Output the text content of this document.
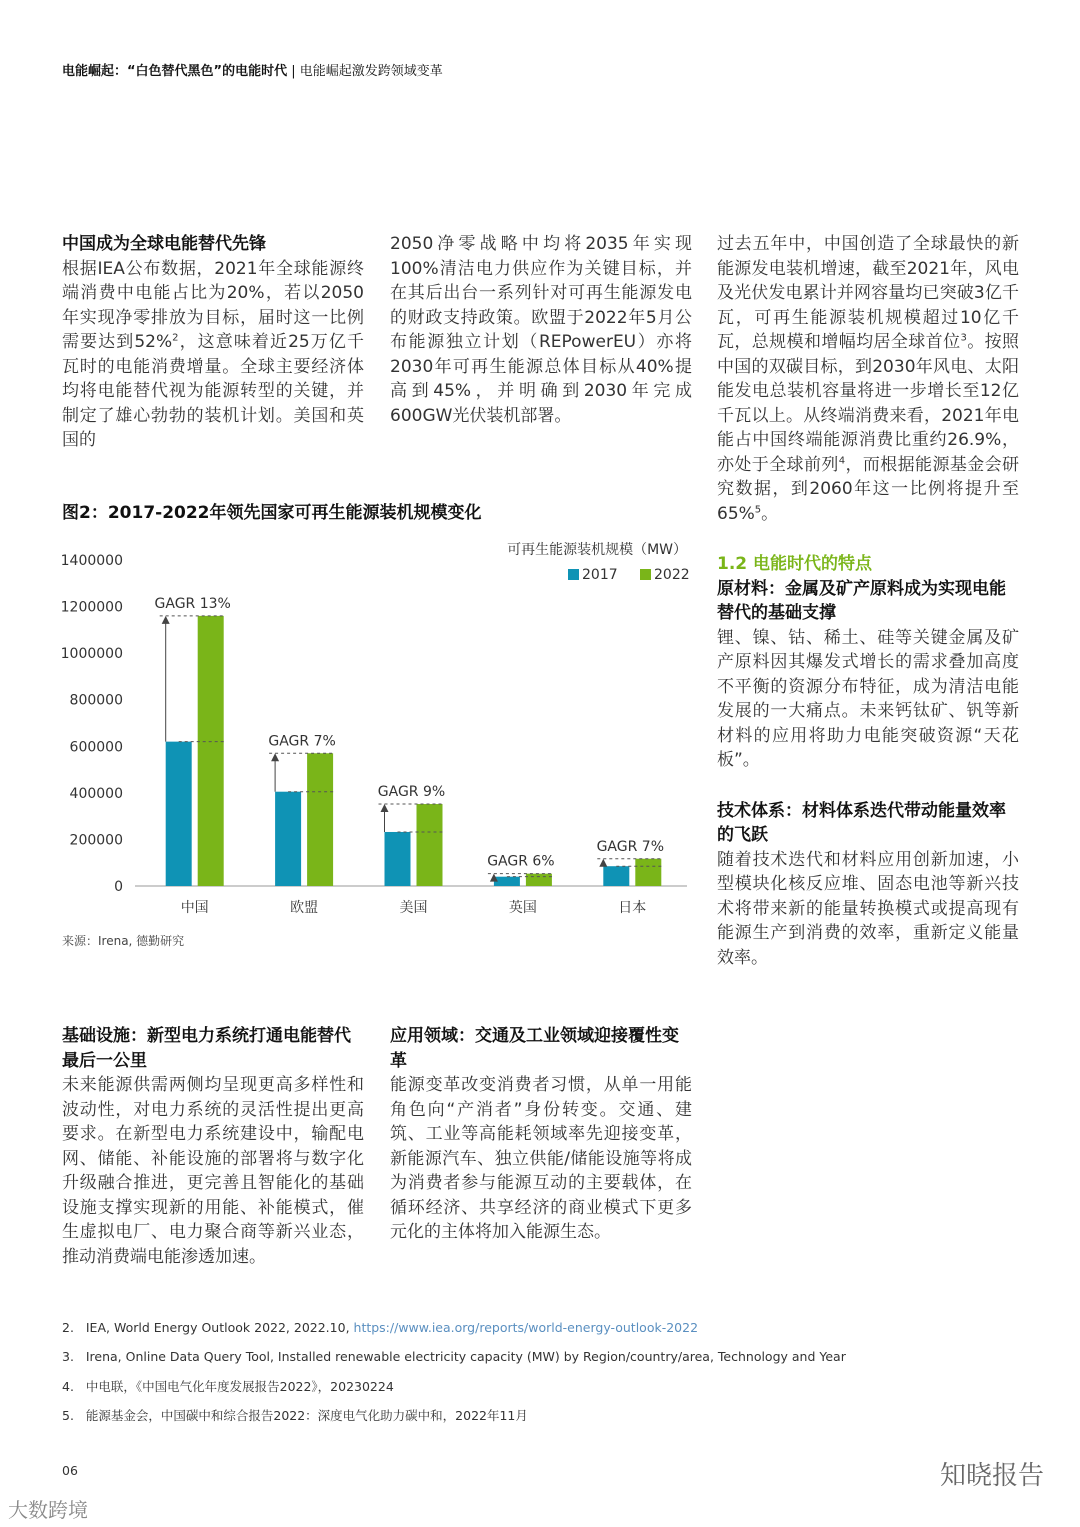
电能崛起：“白色替代黑色”的电能时代 | 电能崛起激发跨领域变革
中国成为全球电能替代先锋

根据IEA公布数据，2021年全球能源终端消费中电能占比为20%，若以2050年实现净零排放为目标，届时这一比例需要达到52%$^2$，这意味着近25万亿千瓦时的电能消费增量。全球主要经济体均将电能替代视为能源转型的关键，并制定了雄心勃勃的装机计划。美国和英国的

2050净零战略中均将2035年实现100%清洁电力供应作为关键目标，并在其后出台一系列针对可再生能源发电的财政支持政策。欧盟于2022年5月公布能源独立计划（REPowerEU）亦将2030年可再生能源总体目标从40%提高到45%，并明确到2030年完成600GW光伏装机部署。

过去五年中，中国创造了全球最快的新能源发电装机增速，截至2021年，风电及光伏发电累计并网容量均已突破3亿千瓦，可再生能源装机规模超过10亿千瓦，总规模和增幅均居全球首位$^3$。按照中国的双碳目标，到2030年风电、太阳能发电总装机容量将进一步增长至12亿千瓦以上。从终端消费来看，2021年电能占中国终端能源消费比重约26.9%，亦处于全球前列$^4$，而根据能源基金会研究数据，到2060年这一比例将提升至65%$^5$。

1.2 电能时代的特点

原材料：金属及矿产原料成为实现电能替代的基础支撑

锂、镍、钴、稀土、硅等关键金属及矿产原料因其爆发式增长的需求叠加高度不平衡的资源分布特征，成为清洁电能发展的一大痛点。未来钙钛矿、钒等新材料的应用将助力电能突破资源“天花板”。

技术体系：材料体系迭代带动能量效率的飞跃

随着技术迭代和材料应用创新加速，小型模块化核反应堆、固态电池等新兴技术将带来新的能量转换模式或提高现有能源生产到消费的效率，重新定义能量效率。

图2：2017-2022年领先国家可再生能源装机规模变化
0
200000
400000
600000
800000
1000000
1200000
1400000
可再生能源装机规模（MW）
2017	2022
GAGR 13%
中国
GAGR 7%
欧盟
GAGR 9%
美国
GAGR 6%
英国
GAGR 7%
日本
来源：Irena, 德勤研究
基础设施：新型电力系统打通电能替代最后一公里

未来能源供需两侧均呈现更高多样性和波动性，对电力系统的灵活性提出更高要求。在新型电力系统建设中，输配电网、储能、补能设施的部署将与数字化升级融合推进，更完善且智能化的基础设施支撑实现新的用能、补能模式，催生虚拟电厂、电力聚合商等新兴业态，推动消费端电能渗透加速。

应用领域：交通及工业领域迎接覆性变革

能源变革改变消费者习惯，从单一用能角色向“产消者”身份转变。交通、建筑、工业等高能耗领域率先迎接变革，新能源汽车、独立供能/储能设施等将成为消费者参与能源互动的主要载体，在循环经济、共享经济的商业模式下更多元化的主体将加入能源生态。

2. IEA, World Energy Outlook 2022, 2022.10, https://www.iea.org/reports/world-energy-outlook-2022
3. Irena, Online Data Query Tool, Installed renewable electricity capacity (MW) by Region/country/area, Technology and Year
4. 中电联，《中国电气化年度发展报告2022》，20230224
5. 能源基金会，中国碳中和综合报告2022：深度电气化助力碳中和，2022年11月
06	知晓报告
大数跨境
